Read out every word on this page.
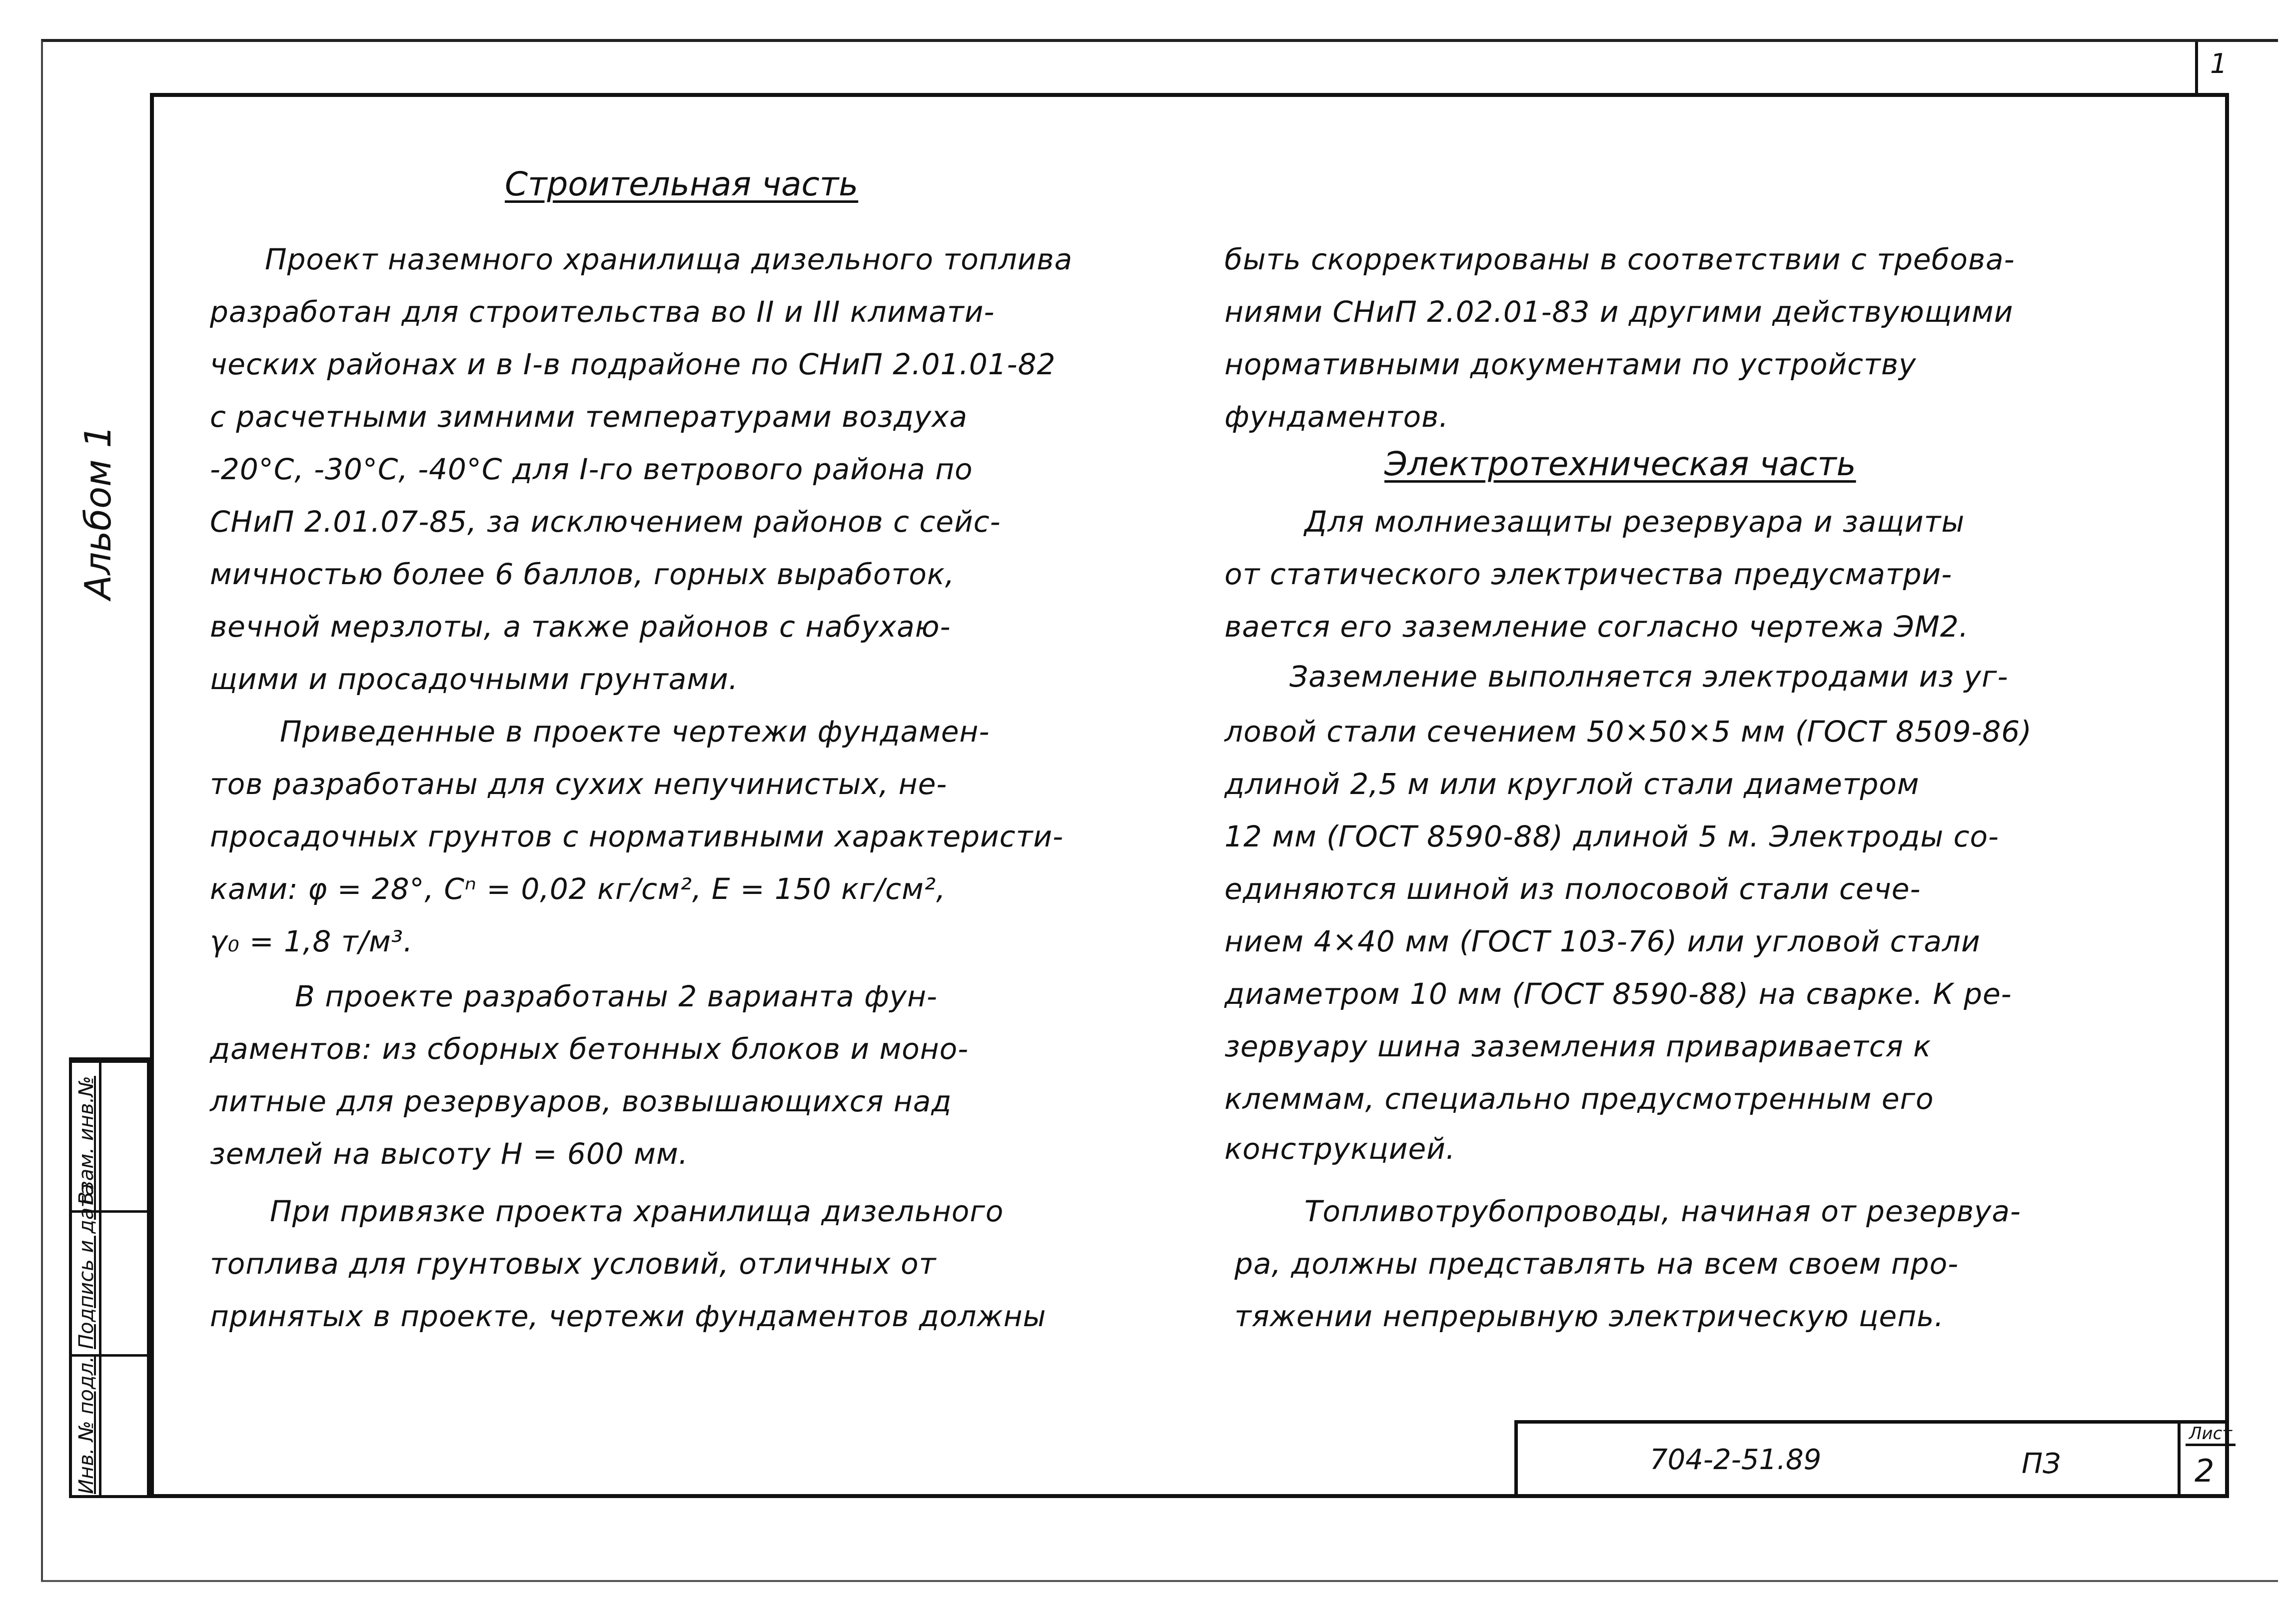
1
Альбом 1
Взам. инв.№
Подпись и дата
Инв. № подл.
Строительная часть
Проект наземного хранилища дизельного топлива
разработан для строительства во II и III климати-
ческих районах и в I-в подрайоне по СНиП 2.01.01-82
с расчетными зимними температурами воздуха
-20°С, -30°С, -40°С для I-го ветрового района по
СНиП 2.01.07-85, за исключением районов с сейс-
мичностью более 6 баллов, горных выработок,
вечной мерзлоты, а также районов с набухаю-
щими и просадочными грунтами.
Приведенные в проекте чертежи фундамен-
тов разработаны для сухих непучинистых, не-
просадочных грунтов с нормативными характеристи-
ками: φ = 28°, Cⁿ = 0,02 кг/см², E = 150 кг/см²,
γ₀ = 1,8 т/м³.
В проекте разработаны 2 варианта фун-
даментов: из сборных бетонных блоков и моно-
литные для резервуаров, возвышающихся над
землей на высоту H = 600 мм.
При привязке проекта хранилища дизельного
топлива для грунтовых условий, отличных от
принятых в проекте, чертежи фундаментов должны
быть скорректированы в соответствии с требова-
ниями СНиП 2.02.01-83 и другими действующими
нормативными документами по устройству
фундаментов.
Электротехническая часть
Для молниезащиты резервуара и защиты
от статического электричества предусматри-
вается его заземление согласно чертежа ЭМ2.
Заземление выполняется электродами из уг-
ловой стали сечением 50×50×5 мм (ГОСТ 8509-86)
длиной 2,5 м или круглой стали диаметром
12 мм (ГОСТ 8590-88) длиной 5 м. Электроды со-
единяются шиной из полосовой стали сече-
нием 4×40 мм (ГОСТ 103-76) или угловой стали
диаметром 10 мм (ГОСТ 8590-88) на сварке. К ре-
зервуару шина заземления приваривается к
клеммам, специально предусмотренным его
конструкцией.
Топливотрубопроводы, начиная от резервуа-
ра, должны представлять на всем своем про-
тяжении непрерывную электрическую цепь.
704-2-51.89	ПЗ
Лист
2
